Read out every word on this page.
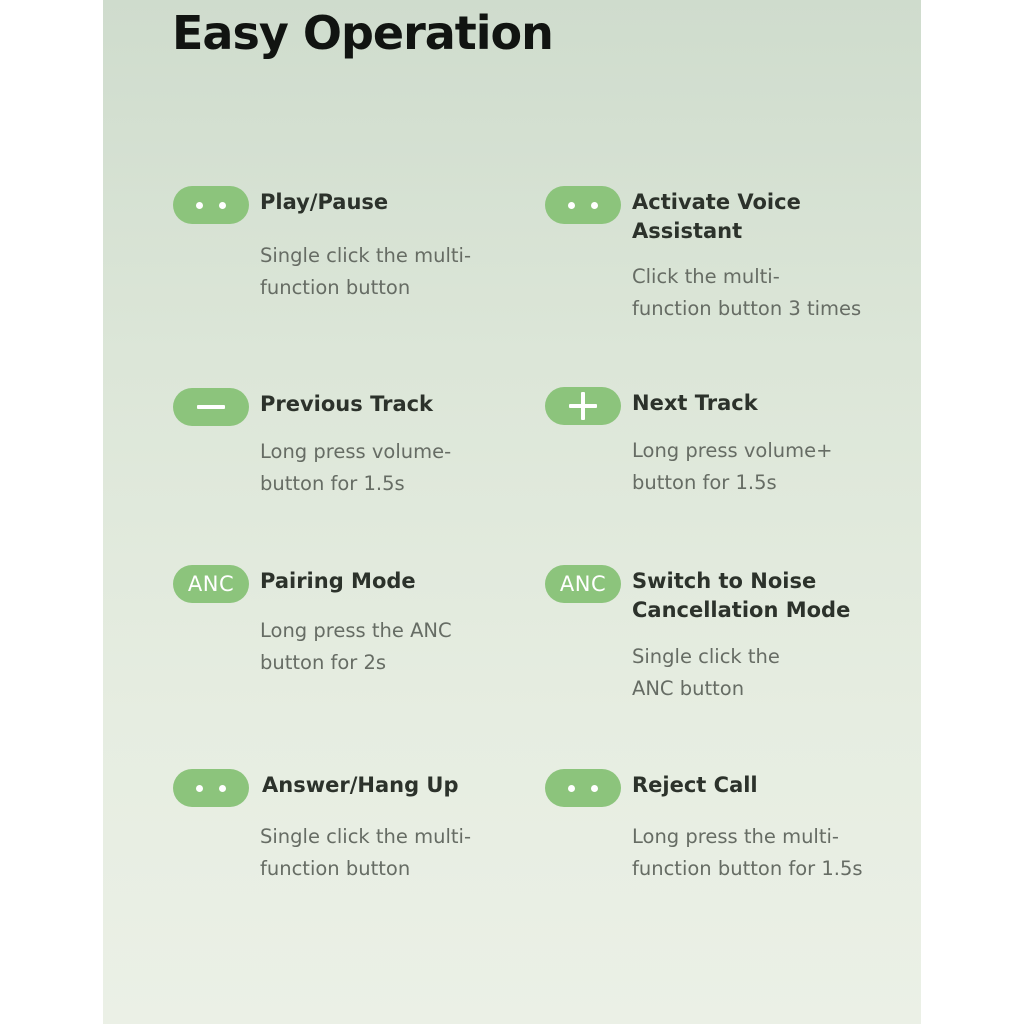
Easy Operation

Play/Pause

Single click the multi-

function button

Activate Voice Assistant

Click the multi-

function button 3 times

Previous Track

Long press volume-

button for 1.5s

Next Track

Long press volume+

button for 1.5s

ANC Pairing Mode

Long press the ANC

button for 2s

ANC Switch to Noise Cancellation Mode

Single click the

ANC button

Answer/Hang Up

Single click the multi-

function button

Reject Call

Long press the multi-

function button for 1.5s
